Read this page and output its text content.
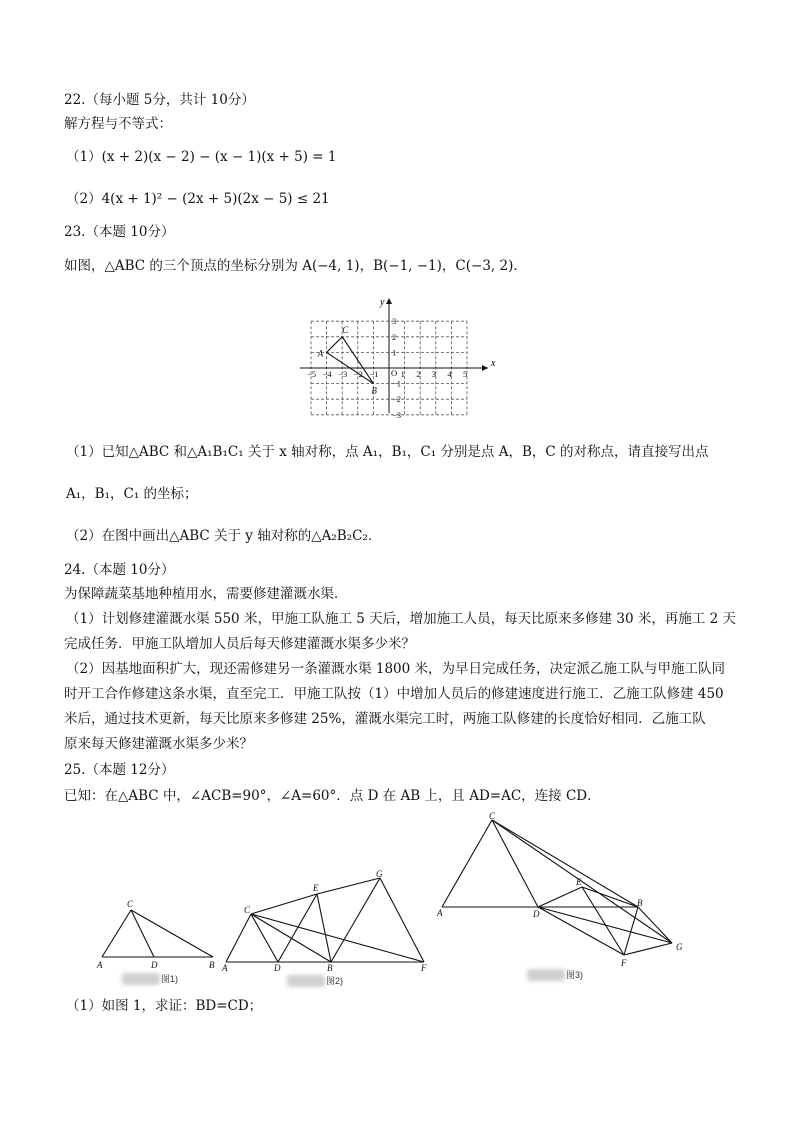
22.（每小题 5分，共计 10分）
解方程与不等式：
（1）(x + 2)(x − 2) − (x − 1)(x + 5) = 1
（2）4(x + 1)² − (2x + 5)(2x − 5) ≤ 21
23.（本题 10分）
如图，△ABC 的三个顶点的坐标分别为 A(−4, 1)，B(−1, −1)，C(−3, 2)．
−5 −4 −3 −2 −1	1 2 3 4 5
3
2
1
−1
−2
−3
A
B
C
x
y
O
（1）已知△ABC 和△A₁B₁C₁ 关于 x 轴对称，点 A₁，B₁，C₁ 分别是点 A，B，C 的对称点，请直接写出点
A₁，B₁，C₁ 的坐标；
（2）在图中画出△ABC 关于 y 轴对称的△A₂B₂C₂．
24.（本题 10分）
为保障蔬菜基地种植用水，需要修建灌溉水渠．
（1）计划修建灌溉水渠 550 米，甲施工队施工 5 天后，增加施工人员，每天比原来多修建 30 米，再施工 2 天
完成任务．甲施工队增加人员后每天修建灌溉水渠多少米？
（2）因基地面积扩大，现还需修建另一条灌溉水渠 1800 米，为早日完成任务，决定派乙施工队与甲施工队同
时开工合作修建这条水渠，直至完工．甲施工队按（1）中增加人员后的修建速度进行施工．乙施工队修建 450
米后，通过技术更新，每天比原来多修建 25%，灌溉水渠完工时，两施工队修建的长度恰好相同．乙施工队
原来每天修建灌溉水渠多少米？
25.（本题 12分）
已知：在△ABC 中，∠ACB=90°，∠A=60°．点 D 在 AB 上，且 AD=AC，连接 CD．
A	D	B
C
图1)
A	D	B	F
C
E
G
图2)
A	D
B
C
E
F
G
图3)
（1）如图 1，求证：BD=CD；
